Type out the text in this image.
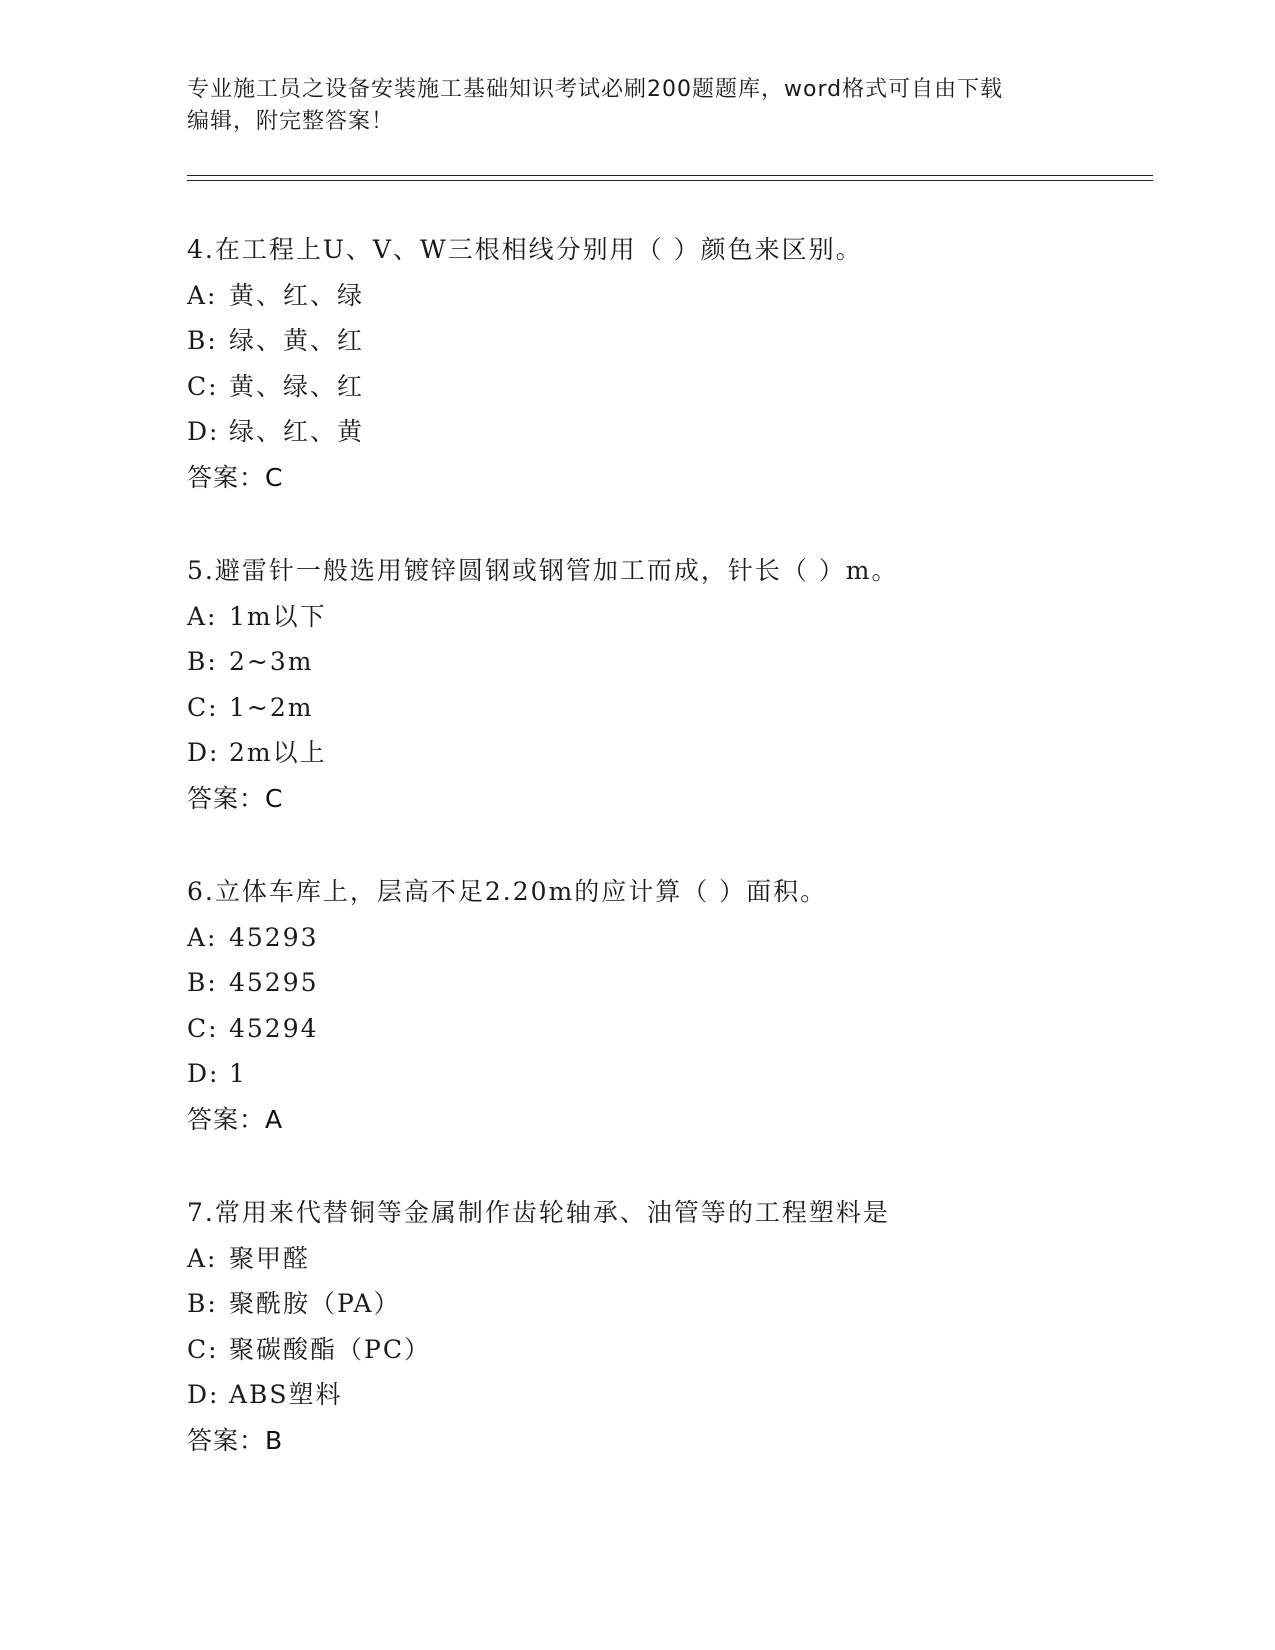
专业施工员之设备安装施工基础知识考试必刷200题题库，word格式可自由下载
编辑，附完整答案！
4.在工程上U、V、W三根相线分别用（ ）颜色来区别。
A: 黄、红、绿
B: 绿、黄、红
C: 黄、绿、红
D: 绿、红、黄
答案：C
5.避雷针一般选用镀锌圆钢或钢管加工而成，针长（ ）m。
A: 1m以下
B: 2~3m
C: 1~2m
D: 2m以上
答案：C
6.立体车库上，层高不足2.20m的应计算（ ）面积。
A: 45293
B: 45295
C: 45294
D: 1
答案：A
7.常用来代替铜等金属制作齿轮轴承、油管等的工程塑料是
A: 聚甲醛
B: 聚酰胺（PA）
C: 聚碳酸酯（PC）
D: ABS塑料
答案：B
